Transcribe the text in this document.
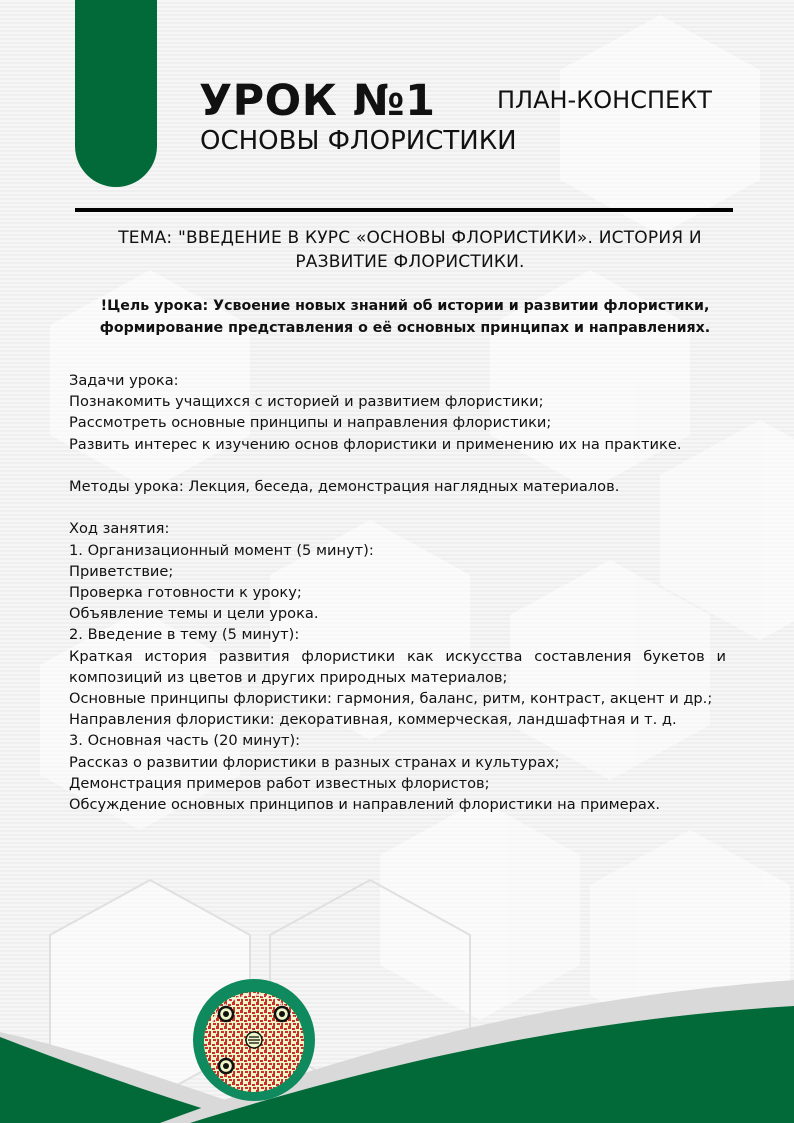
УРОК №1
ОСНОВЫ ФЛОРИСТИКИ
ПЛАН-КОНСПЕКТ
ТЕМА: "ВВЕДЕНИЕ В КУРС «ОСНОВЫ ФЛОРИСТИКИ». ИСТОРИЯ И РАЗВИТИЕ ФЛОРИСТИКИ.
!Цель урока: Усвоение новых знаний об истории и развитии флористики, формирование представления о её основных принципах и направлениях.

Задачи урока:

Познакомить учащихся с историей и развитием флористики;

Рассмотреть основные принципы и направления флористики;

Развить интерес к изучению основ флористики и применению их на практике.

Методы урока: Лекция, беседа, демонстрация наглядных материалов.

Ход занятия:

1. Организационный момент (5 минут):

Приветствие;

Проверка готовности к уроку;

Объявление темы и цели урока.

2. Введение в тему (5 минут):

Краткая история развития флористики как искусства составления букетов и композиций из цветов и других природных материалов;

Основные принципы флористики: гармония, баланс, ритм, контраст, акцент и др.;

Направления флористики: декоративная, коммерческая, ландшафтная и т. д.

3. Основная часть (20 минут):

Рассказ о развитии флористики в разных странах и культурах;

Демонстрация примеров работ известных флористов;

Обсуждение основных принципов и направлений флористики на примерах.
